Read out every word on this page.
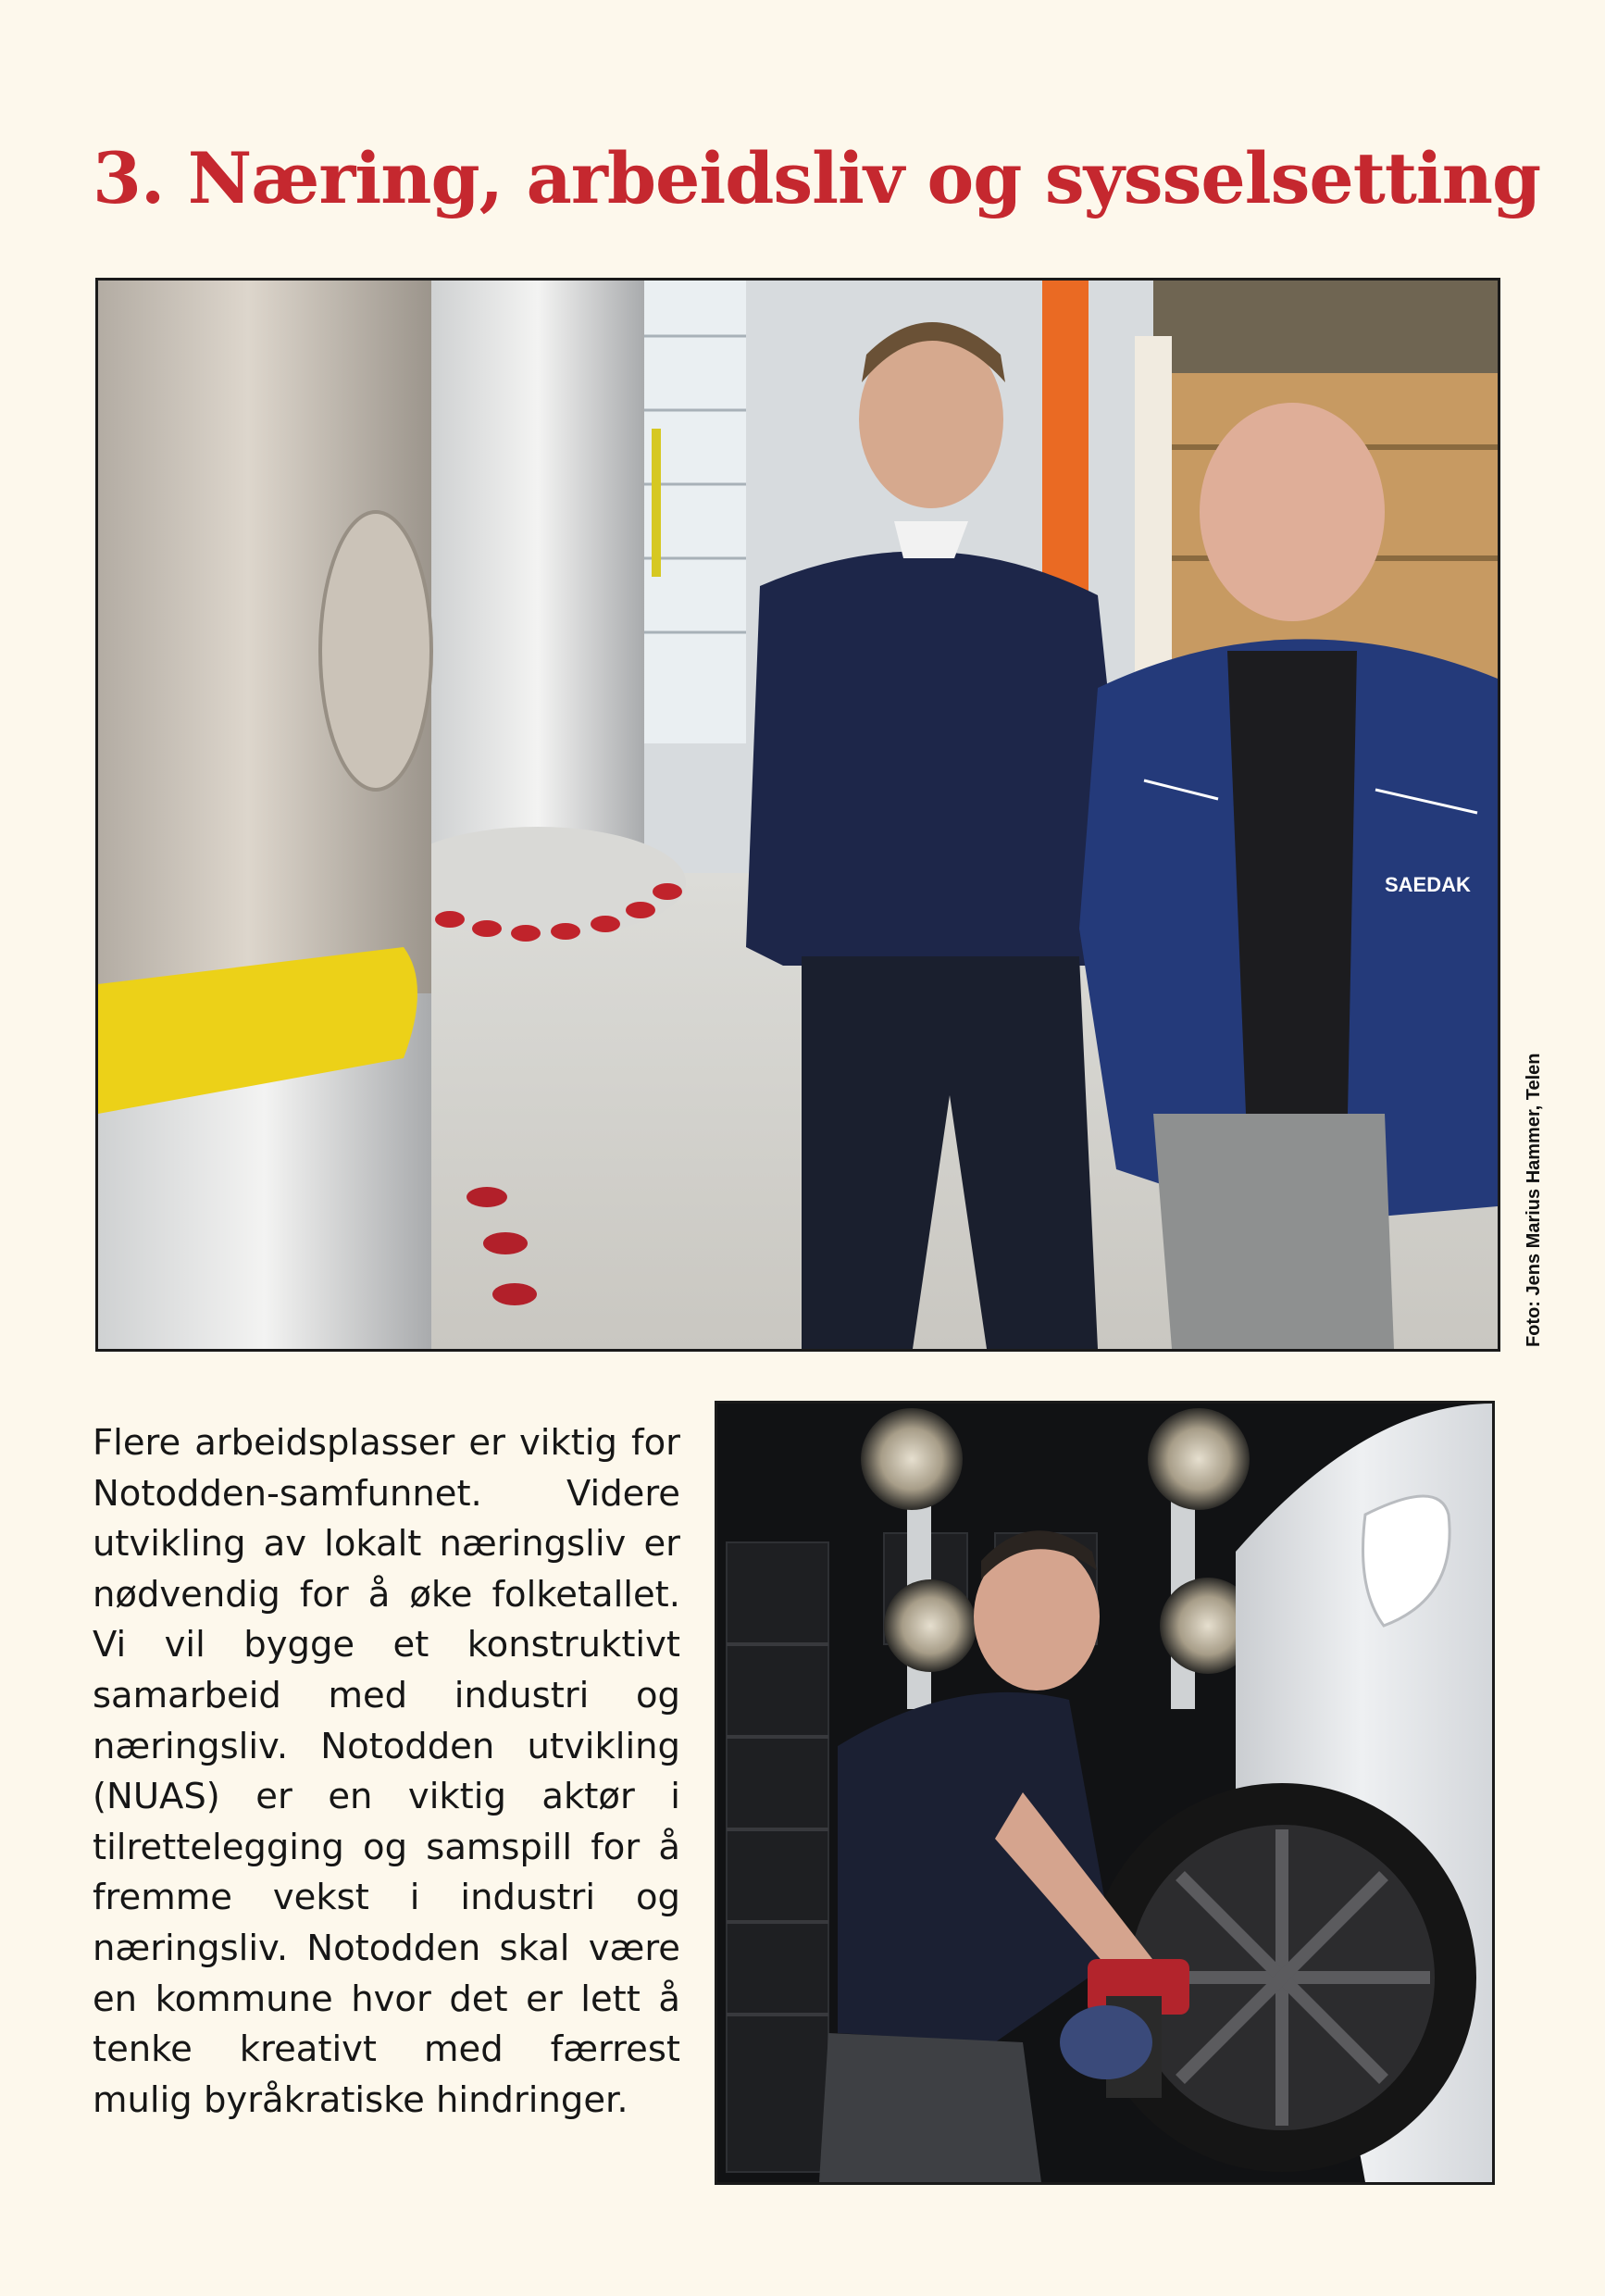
3. Næring, arbeidsliv og sysselsetting
SAEDAK
Foto: Jens Marius Hammer, Telen

Flere arbeidsplasser er viktig for Notodden-samfunnet. Videre utvikling av lokalt næringsliv er nødvendig for å øke folketallet. Vi vil bygge et konstruktivt samarbeid med industri og næringsliv. Notodden utvikling (NUAS) er en viktig aktør i tilrettelegging og samspill for å fremme vekst i industri og næringsliv. Notodden skal være en kommune hvor det er lett å tenke kreativt med færrest mulig byråkratiske hindringer.
